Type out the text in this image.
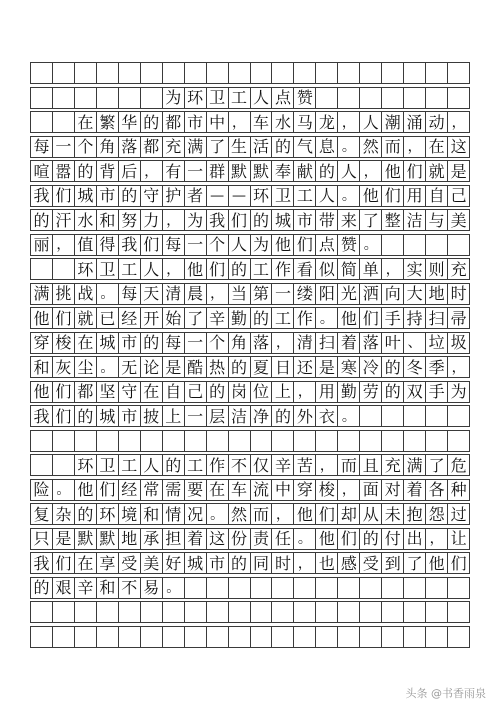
为 环 卫 工 人 点 赞
在 繁 华 的 都 市 中 ， 车 水 马 龙 ， 人 潮 涌 动 ，
每 一 个 角 落 都 充 满 了 生 活 的 气 息 。 然 而 ， 在 这
喧 嚣 的 背 后 ， 有 一 群 默 默 奉 献 的 人 ， 他 们 就 是
我 们 城 市 的 守 护 者 — — 环 卫 工 人 。 他 们 用 自 己
的 汗 水 和 努 力 ， 为 我 们 的 城 市 带 来 了 整 洁 与 美
丽 ， 值 得 我 们 每 一 个 人 为 他 们 点 赞 。
环 卫 工 人 ， 他 们 的 工 作 看 似 简 单 ， 实 则 充
满 挑 战 。 每 天 清 晨 ， 当 第 一 缕 阳 光 洒 向 大 地 时
他 们 就 已 经 开 始 了 辛 勤 的 工 作 。 他 们 手 持 扫 帚
穿 梭 在 城 市 的 每 一 个 角 落 ， 清 扫 着 落 叶 、 垃 圾
和 灰 尘 。 无 论 是 酷 热 的 夏 日 还 是 寒 冷 的 冬 季 ，
他 们 都 坚 守 在 自 己 的 岗 位 上 ， 用 勤 劳 的 双 手 为
我 们 的 城 市 披 上 一 层 洁 净 的 外 衣 。
环 卫 工 人 的 工 作 不 仅 辛 苦 ， 而 且 充 满 了 危
险 。 他 们 经 常 需 要 在 车 流 中 穿 梭 ， 面 对 着 各 种
复 杂 的 环 境 和 情 况 。 然 而 ， 他 们 却 从 未 抱 怨 过
只 是 默 默 地 承 担 着 这 份 责 任 。 他 们 的 付 出 ， 让
我 们 在 享 受 美 好 城 市 的 同 时 ， 也 感 受 到 了 他 们
的 艰 辛 和 不 易 。
头条 @书香雨泉
